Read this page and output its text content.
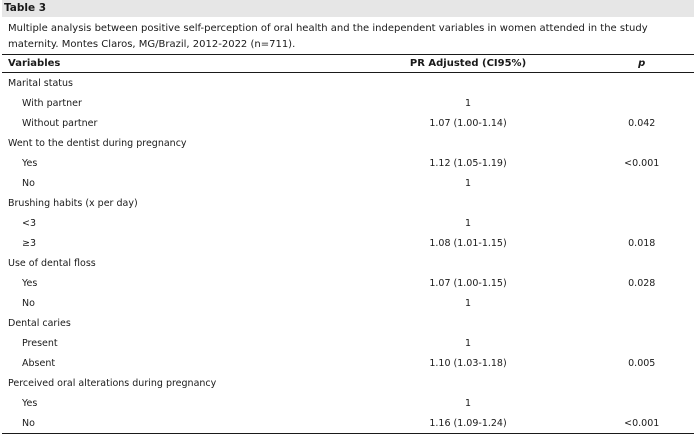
Table 3
Multiple analysis between positive self-perception of oral health and the independent variables in women attended in the study maternity. Montes Claros, MG/Brazil, 2012-2022 (n=711).
Variables	PR Adjusted (CI95%)	p
Marital status		
With partner	1	
Without partner	1.07 (1.00-1.14)	0.042
Went to the dentist during pregnancy		
Yes	1.12 (1.05-1.19)	<0.001
No	1	
Brushing habits (x per day)		
<3	1	
≥3	1.08 (1.01-1.15)	0.018
Use of dental floss		
Yes	1.07 (1.00-1.15)	0.028
No	1	
Dental caries		
Present	1	
Absent	1.10 (1.03-1.18)	0.005
Perceived oral alterations during pregnancy		
Yes	1	
No	1.16 (1.09-1.24)	<0.001
